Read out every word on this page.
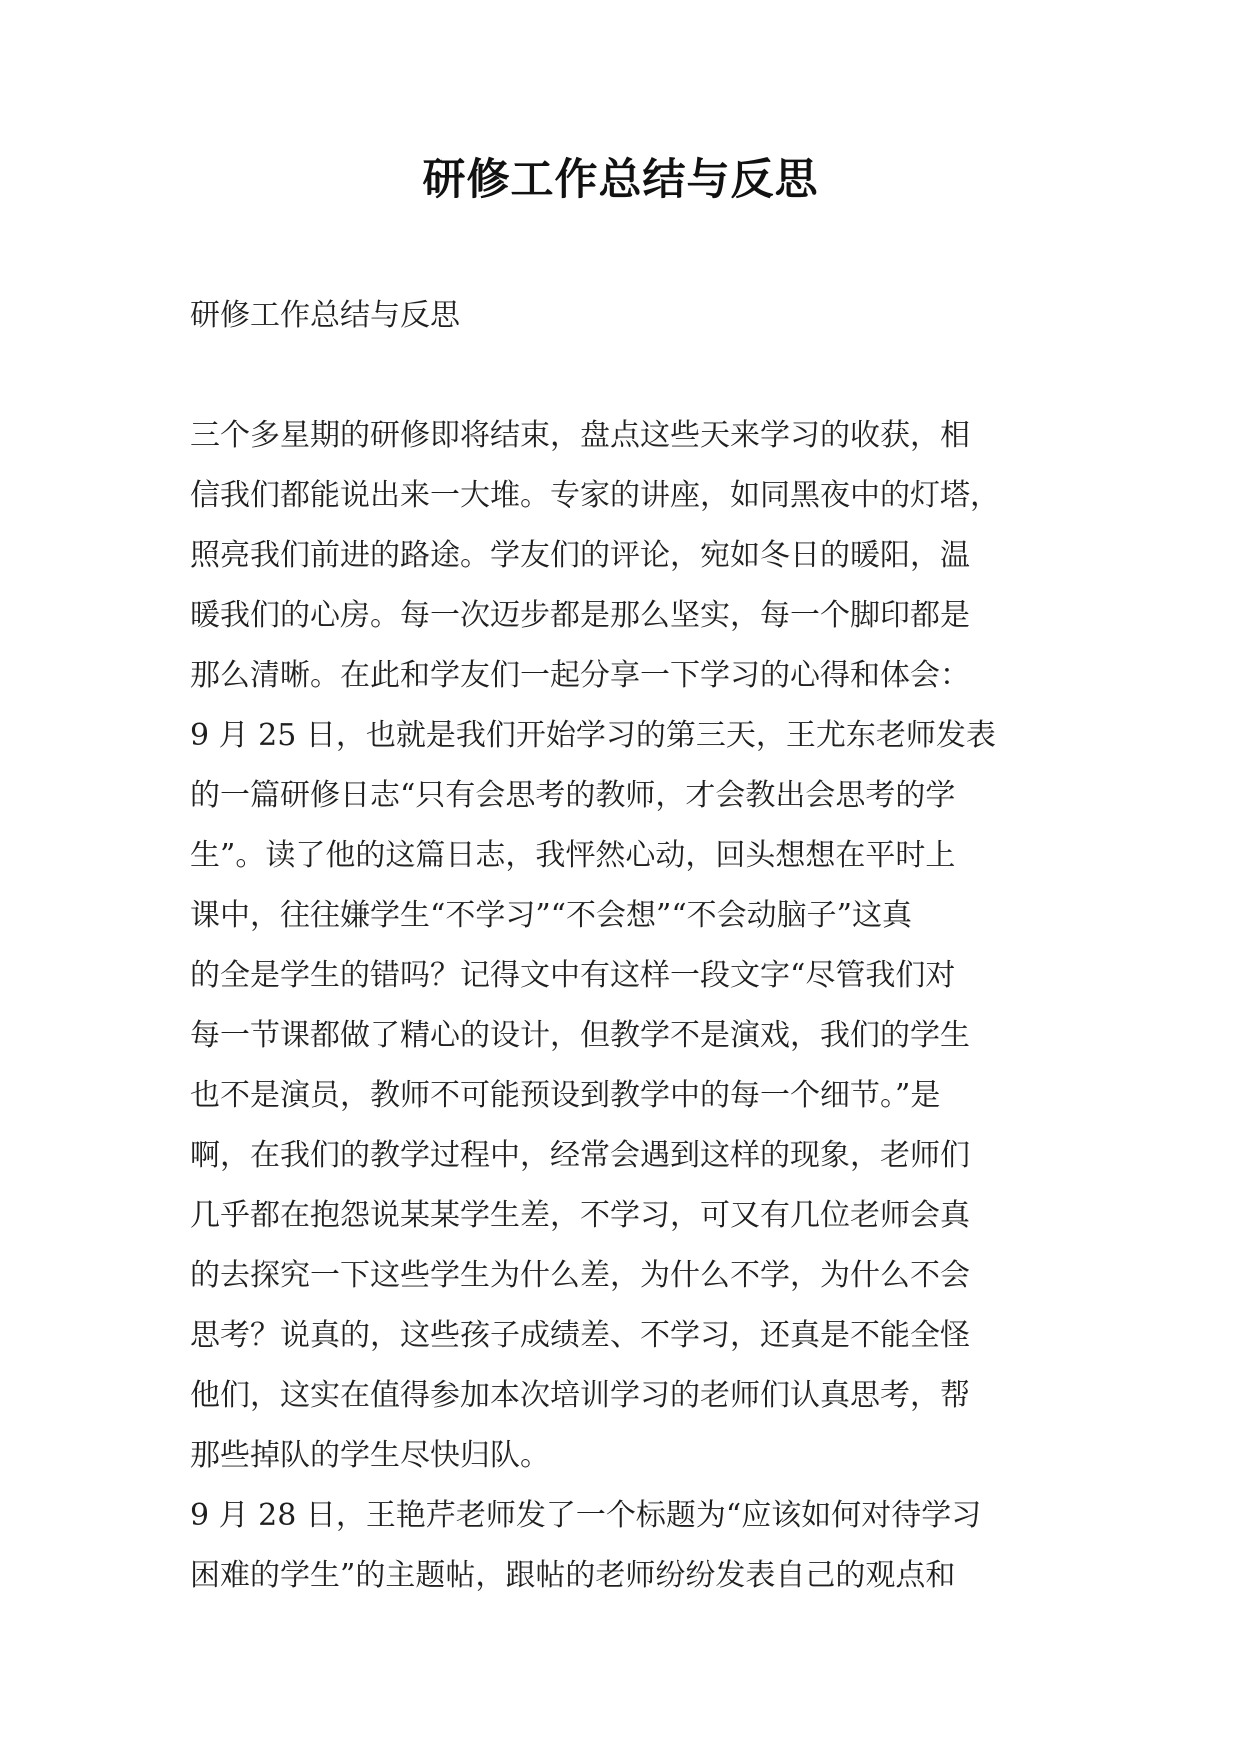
研修工作总结与反思

研修工作总结与反思

三个多星期的研修即将结束，盘点这些天来学习的收获，相
信我们都能说出来一大堆。专家的讲座，如同黑夜中的灯塔，
照亮我们前进的路途。学友们的评论，宛如冬日的暖阳，温
暖我们的心房。每一次迈步都是那么坚实，每一个脚印都是
那么清晰。在此和学友们一起分享一下学习的心得和体会：
9 月 25 日，也就是我们开始学习的第三天，王尤东老师发表
的一篇研修日志“只有会思考的教师，才会教出会思考的学
生”。读了他的这篇日志，我怦然心动，回头想想在平时上
课中，往往嫌学生“不学习”“不会想”“不会动脑子”这真
的全是学生的错吗？记得文中有这样一段文字“尽管我们对
每一节课都做了精心的设计，但教学不是演戏，我们的学生
也不是演员，教师不可能预设到教学中的每一个细节。”是
啊，在我们的教学过程中，经常会遇到这样的现象，老师们
几乎都在抱怨说某某学生差，不学习，可又有几位老师会真
的去探究一下这些学生为什么差，为什么不学，为什么不会
思考？说真的，这些孩子成绩差、不学习，还真是不能全怪
他们，这实在值得参加本次培训学习的老师们认真思考，帮
那些掉队的学生尽快归队。
9 月 28 日，王艳芹老师发了一个标题为“应该如何对待学习
困难的学生”的主题帖，跟帖的老师纷纷发表自己的观点和
